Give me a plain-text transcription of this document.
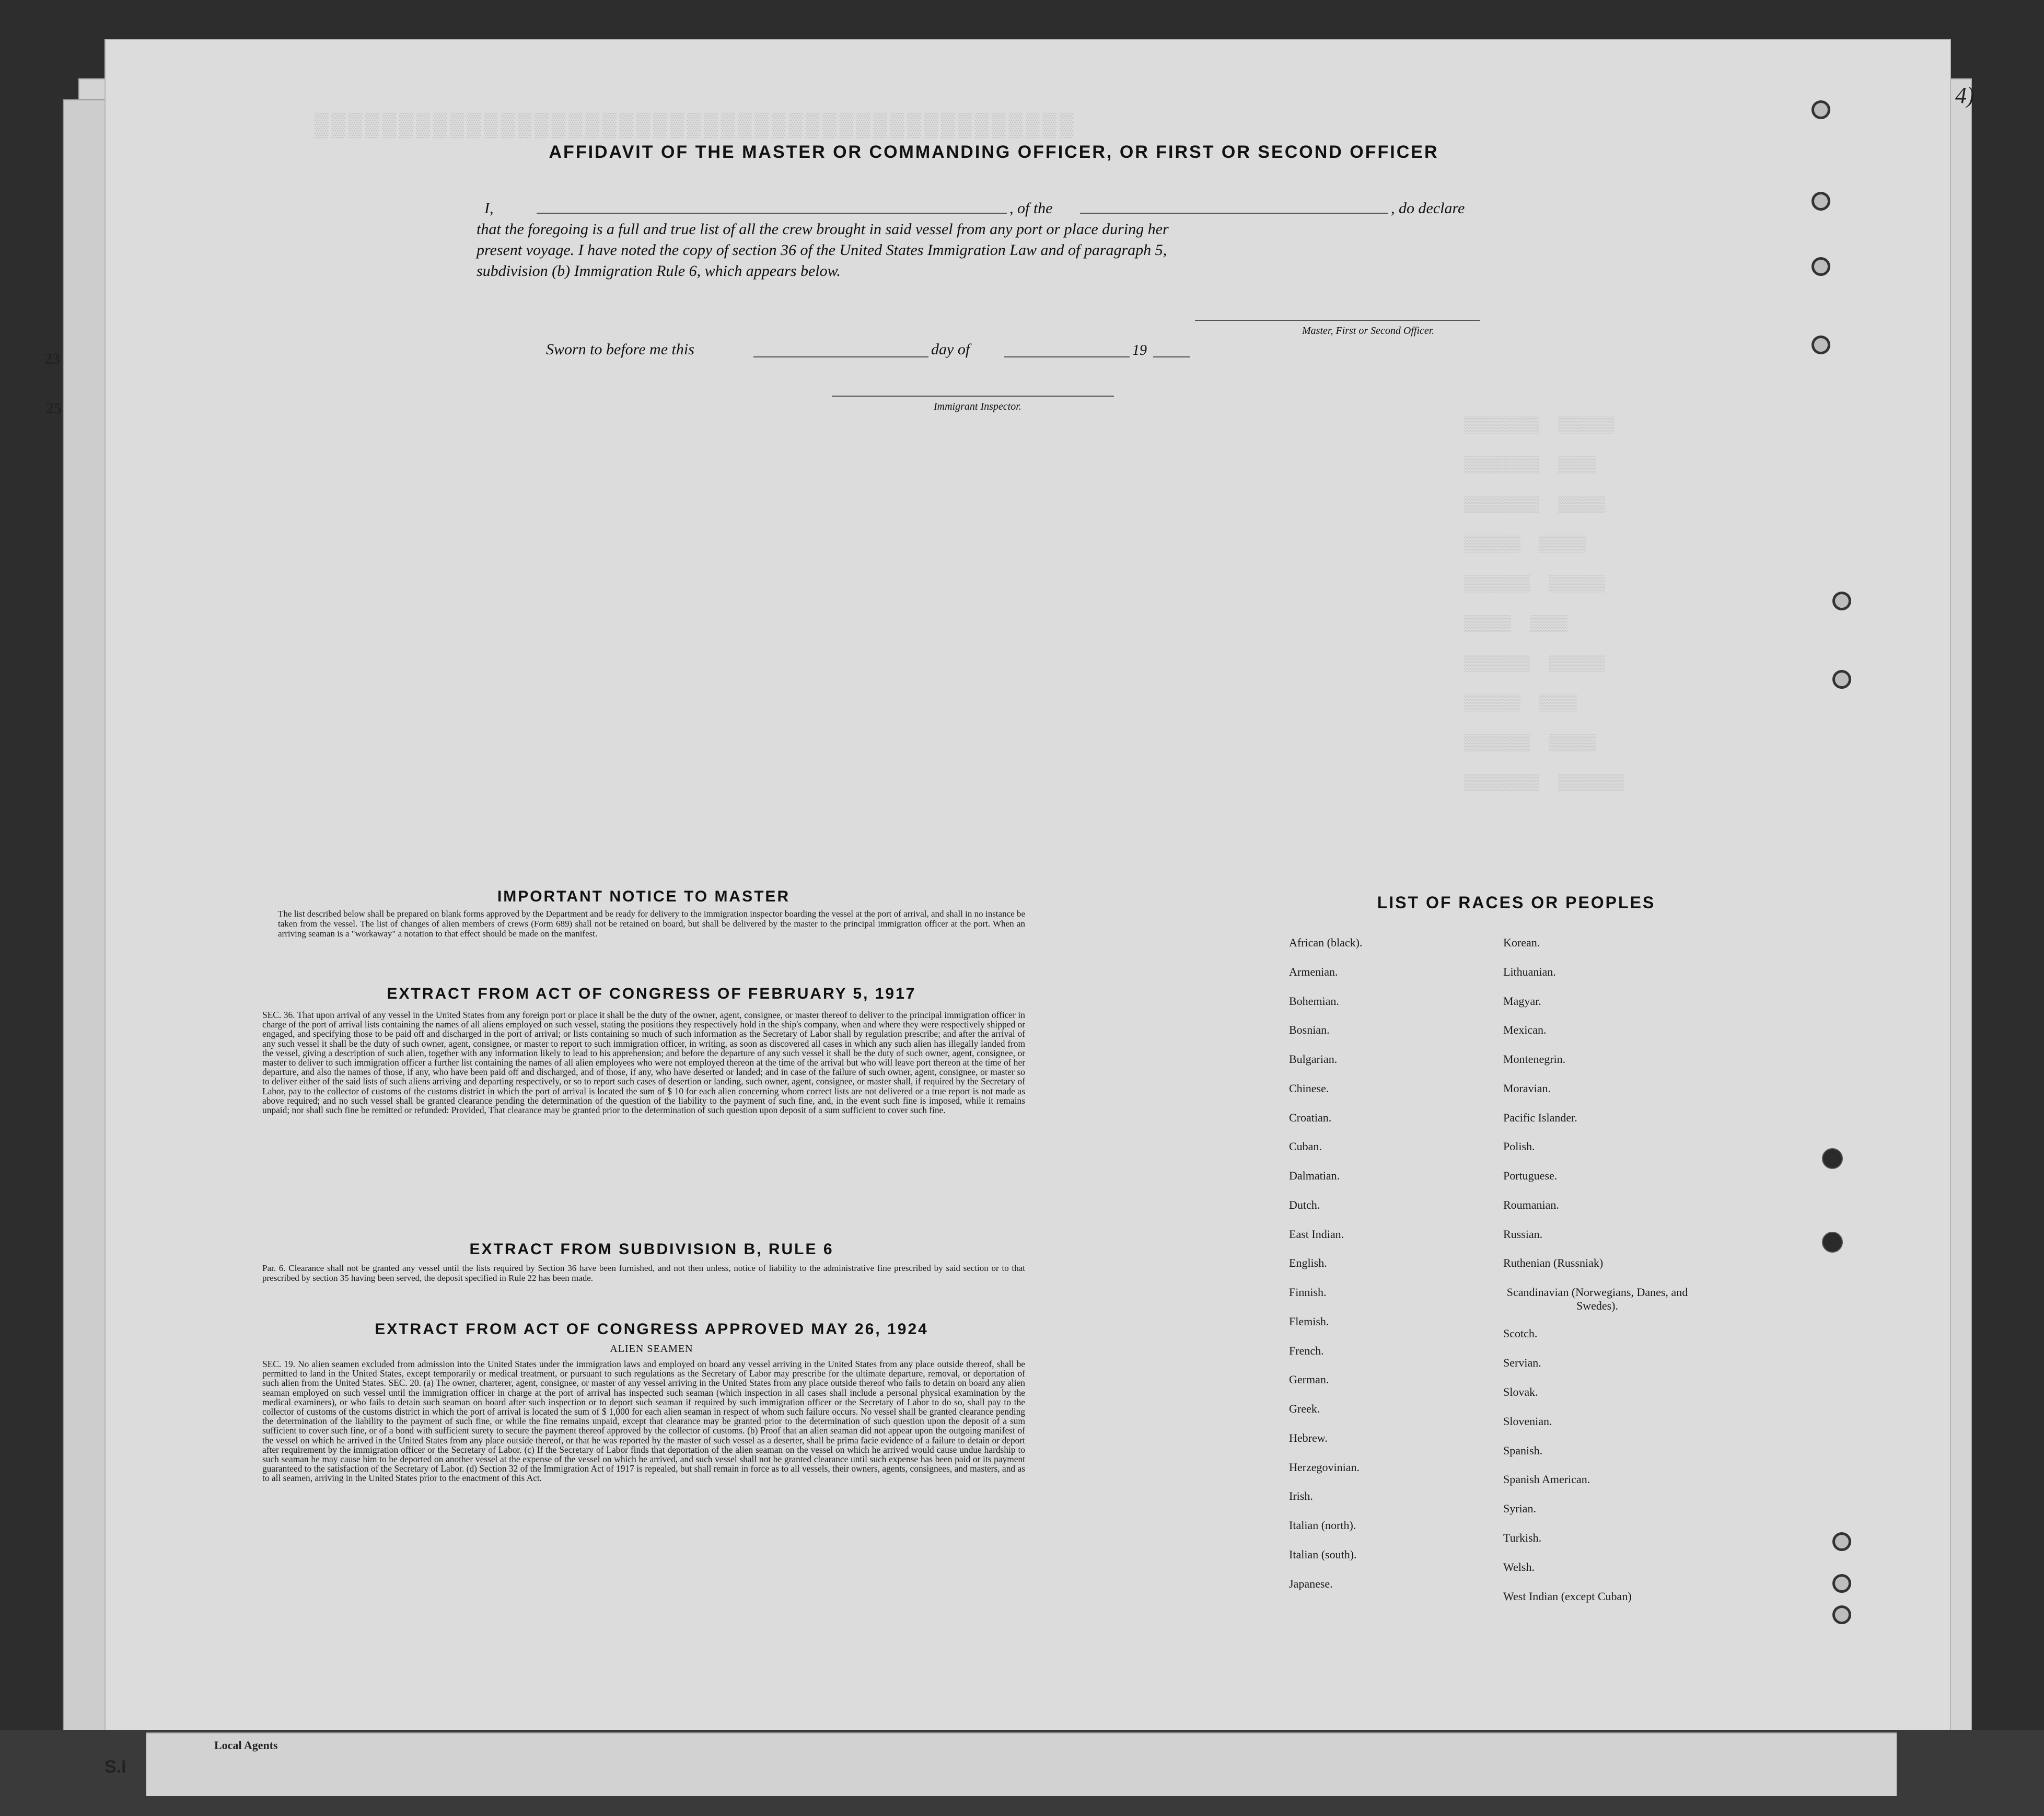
23
25
▒▒▒▒▒▒▒▒▒▒▒▒▒▒▒▒▒▒▒▒▒▒▒▒▒▒▒▒▒▒▒▒▒▒▒▒▒▒▒▒▒▒▒▒▒
▒▒▒▒▒▒▒▒  ▒▒▒▒▒▒
▒▒▒▒▒▒▒▒  ▒▒▒▒
▒▒▒▒▒▒▒▒  ▒▒▒▒▒
▒▒▒▒▒▒  ▒▒▒▒▒
▒▒▒▒▒▒▒  ▒▒▒▒▒▒
▒▒▒▒▒  ▒▒▒▒
▒▒▒▒▒▒▒  ▒▒▒▒▒▒
▒▒▒▒▒▒  ▒▒▒▒
▒▒▒▒▒▒▒  ▒▒▒▒▒
▒▒▒▒▒▒▒▒  ▒▒▒▒▒▒▒
4)
AFFIDAVIT OF THE MASTER OR COMMANDING OFFICER, OR FIRST OR SECOND OFFICER
I,	, of the	, do declare
that the foregoing is a full and true list of all the crew brought in said vessel from any port or place during her
present voyage. I have noted the copy of section 36 of the United States Immigration Law and of paragraph 5,
subdivision (b) Immigration Rule 6, which appears below.
Master, First or Second Officer.
Sworn to before me this	day of	19
Immigrant Inspector.
IMPORTANT NOTICE TO MASTER
The list described below shall be prepared on blank forms approved by the Department and be ready for delivery to the immigration inspector boarding the vessel at the port of arrival, and shall in no instance be taken from the vessel. The list of changes of alien members of crews (Form 689) shall not be retained on board, but shall be delivered by the master to the principal immigration officer at the port. When an arriving seaman is a "workaway" a notation to that effect should be made on the manifest.
EXTRACT FROM ACT OF CONGRESS OF FEBRUARY 5, 1917
SEC. 36. That upon arrival of any vessel in the United States from any foreign port or place it shall be the duty of the owner, agent, consignee, or master thereof to deliver to the principal immigration officer in charge of the port of arrival lists containing the names of all aliens employed on such vessel, stating the positions they respectively hold in the ship's company, when and where they were respectively shipped or engaged, and specifying those to be paid off and discharged in the port of arrival; or lists containing so much of such information as the Secretary of Labor shall by regulation prescribe; and after the arrival of any such vessel it shall be the duty of such owner, agent, consignee, or master to report to such immigration officer, in writing, as soon as discovered all cases in which any such alien has illegally landed from the vessel, giving a description of such alien, together with any information likely to lead to his apprehension; and before the departure of any such vessel it shall be the duty of such owner, agent, consignee, or master to deliver to such immigration officer a further list containing the names of all alien employees who were not employed thereon at the time of the arrival but who will leave port thereon at the time of her departure, and also the names of those, if any, who have been paid off and discharged, and of those, if any, who have deserted or landed; and in case of the failure of such owner, agent, consignee, or master so to deliver either of the said lists of such aliens arriving and departing respectively, or so to report such cases of desertion or landing, such owner, agent, consignee, or master shall, if required by the Secretary of Labor, pay to the collector of customs of the customs district in which the port of arrival is located the sum of $ 10 for each alien concerning whom correct lists are not delivered or a true report is not made as above required; and no such vessel shall be granted clearance pending the determination of the question of the liability to the payment of such fine, and, in the event such fine is imposed, while it remains unpaid; nor shall such fine be remitted or refunded: Provided, That clearance may be granted prior to the determination of such question upon deposit of a sum sufficient to cover such fine.
EXTRACT FROM SUBDIVISION B, RULE 6
Par. 6. Clearance shall not be granted any vessel until the lists required by Section 36 have been furnished, and not then unless, notice of liability to the administrative fine prescribed by said section or to that prescribed by section 35 having been served, the deposit specified in Rule 22 has been made.
EXTRACT FROM ACT OF CONGRESS APPROVED MAY 26, 1924
ALIEN SEAMEN
SEC. 19. No alien seamen excluded from admission into the United States under the immigration laws and employed on board any vessel arriving in the United States from any place outside thereof, shall be permitted to land in the United States, except temporarily or medical treatment, or pursuant to such regulations as the Secretary of Labor may prescribe for the ultimate departure, removal, or deportation of such alien from the United States. SEC. 20. (a) The owner, charterer, agent, consignee, or master of any vessel arriving in the United States from any place outside thereof who fails to detain on board any alien seaman employed on such vessel until the immigration officer in charge at the port of arrival has inspected such seaman (which inspection in all cases shall include a personal physical examination by the medical examiners), or who fails to detain such seaman on board after such inspection or to deport such seaman if required by such immigration officer or the Secretary of Labor to do so, shall pay to the collector of customs of the customs district in which the port of arrival is located the sum of $ 1,000 for each alien seaman in respect of whom such failure occurs. No vessel shall be granted clearance pending the determination of the liability to the payment of such fine, or while the fine remains unpaid, except that clearance may be granted prior to the determination of such question upon the deposit of a sum sufficient to cover such fine, or of a bond with sufficient surety to secure the payment thereof approved by the collector of customs. (b) Proof that an alien seaman did not appear upon the outgoing manifest of the vessel on which he arrived in the United States from any place outside thereof, or that he was reported by the master of such vessel as a deserter, shall be prima facie evidence of a failure to detain or deport after requirement by the immigration officer or the Secretary of Labor. (c) If the Secretary of Labor finds that deportation of the alien seaman on the vessel on which he arrived would cause undue hardship to such seaman he may cause him to be deported on another vessel at the expense of the vessel on which he arrived, and such vessel shall not be granted clearance until such expense has been paid or its payment guaranteed to the satisfaction of the Secretary of Labor. (d) Section 32 of the Immigration Act of 1917 is repealed, but shall remain in force as to all vessels, their owners, agents, consignees, and masters, and as to all seamen, arriving in the United States prior to the enactment of this Act.
LIST OF RACES OR PEOPLES
African (black).
Armenian.
Bohemian.
Bosnian.
Bulgarian.
Chinese.
Croatian.
Cuban.
Dalmatian.
Dutch.
East Indian.
English.
Finnish.
Flemish.
French.
German.
Greek.
Hebrew.
Herzegovinian.
Irish.
Italian (north).
Italian (south).
Japanese.
Korean.
Lithuanian.
Magyar.
Mexican.
Montenegrin.
Moravian.
Pacific Islander.
Polish.
Portuguese.
Roumanian.
Russian.
Ruthenian (Russniak)
Scandinavian (Norwegians, Danes, and Swedes).
Scotch.
Servian.
Slovak.
Slovenian.
Spanish.
Spanish American.
Syrian.
Turkish.
Welsh.
West Indian (except Cuban)
S.I
Local Agents
